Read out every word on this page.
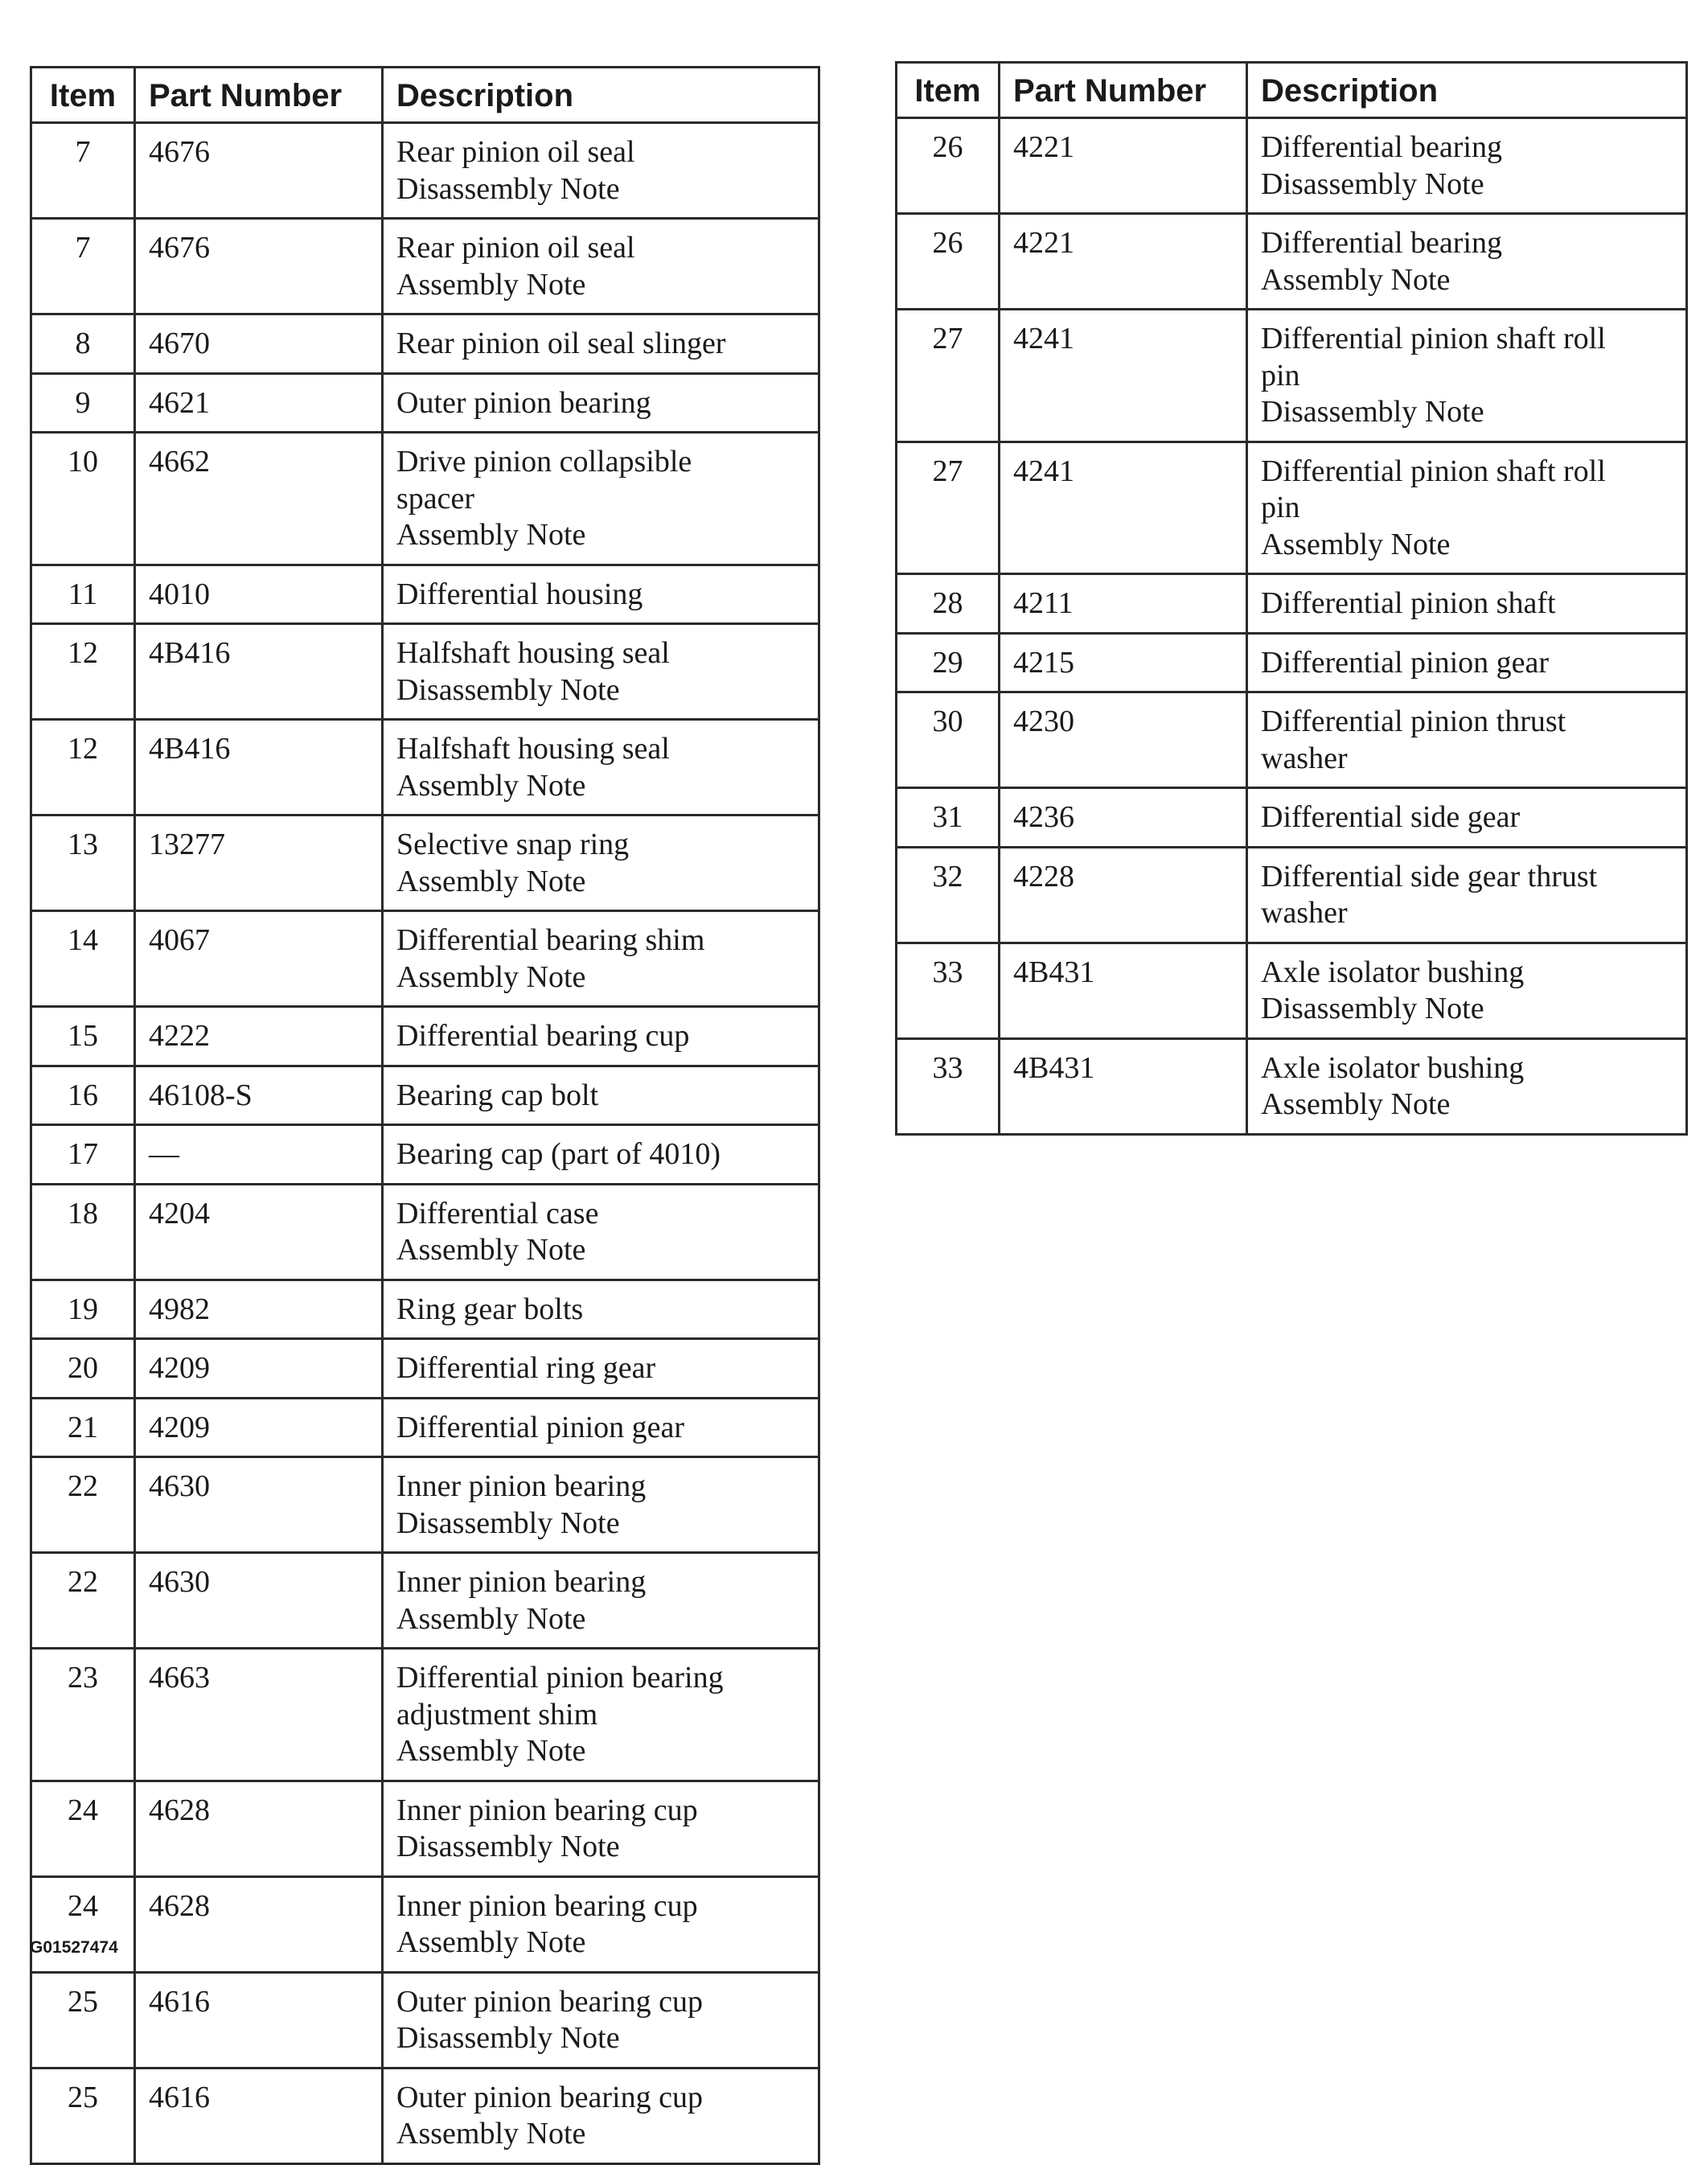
Item	Part Number	Description
7	4676	Rear pinion oil seal
Disassembly Note

7	4676	Rear pinion oil seal
Assembly Note

8	4670	Rear pinion oil seal slinger

9	4621	Outer pinion bearing

10	4662	Drive pinion collapsible
spacer
Assembly Note

11	4010	Differential housing

12	4B416	Halfshaft housing seal
Disassembly Note

12	4B416	Halfshaft housing seal
Assembly Note

13	13277	Selective snap ring
Assembly Note

14	4067	Differential bearing shim
Assembly Note

15	4222	Differential bearing cup

16	46108-S	Bearing cap bolt

17	—	Bearing cap (part of 4010)

18	4204	Differential case
Assembly Note

19	4982	Ring gear bolts

20	4209	Differential ring gear

21	4209	Differential pinion gear

22	4630	Inner pinion bearing
Disassembly Note

22	4630	Inner pinion bearing
Assembly Note

23	4663	Differential pinion bearing
adjustment shim
Assembly Note

24	4628	Inner pinion bearing cup
Disassembly Note

24	4628	Inner pinion bearing cup
Assembly Note

25	4616	Outer pinion bearing cup
Disassembly Note

25	4616	Outer pinion bearing cup
Assembly Note
Item	Part Number	Description
26	4221	Differential bearing
Disassembly Note

26	4221	Differential bearing
Assembly Note

27	4241	Differential pinion shaft roll
pin
Disassembly Note

27	4241	Differential pinion shaft roll
pin
Assembly Note

28	4211	Differential pinion shaft

29	4215	Differential pinion gear

30	4230	Differential pinion thrust
washer

31	4236	Differential side gear

32	4228	Differential side gear thrust
washer

33	4B431	Axle isolator bushing
Disassembly Note

33	4B431	Axle isolator bushing
Assembly Note
G01527474
